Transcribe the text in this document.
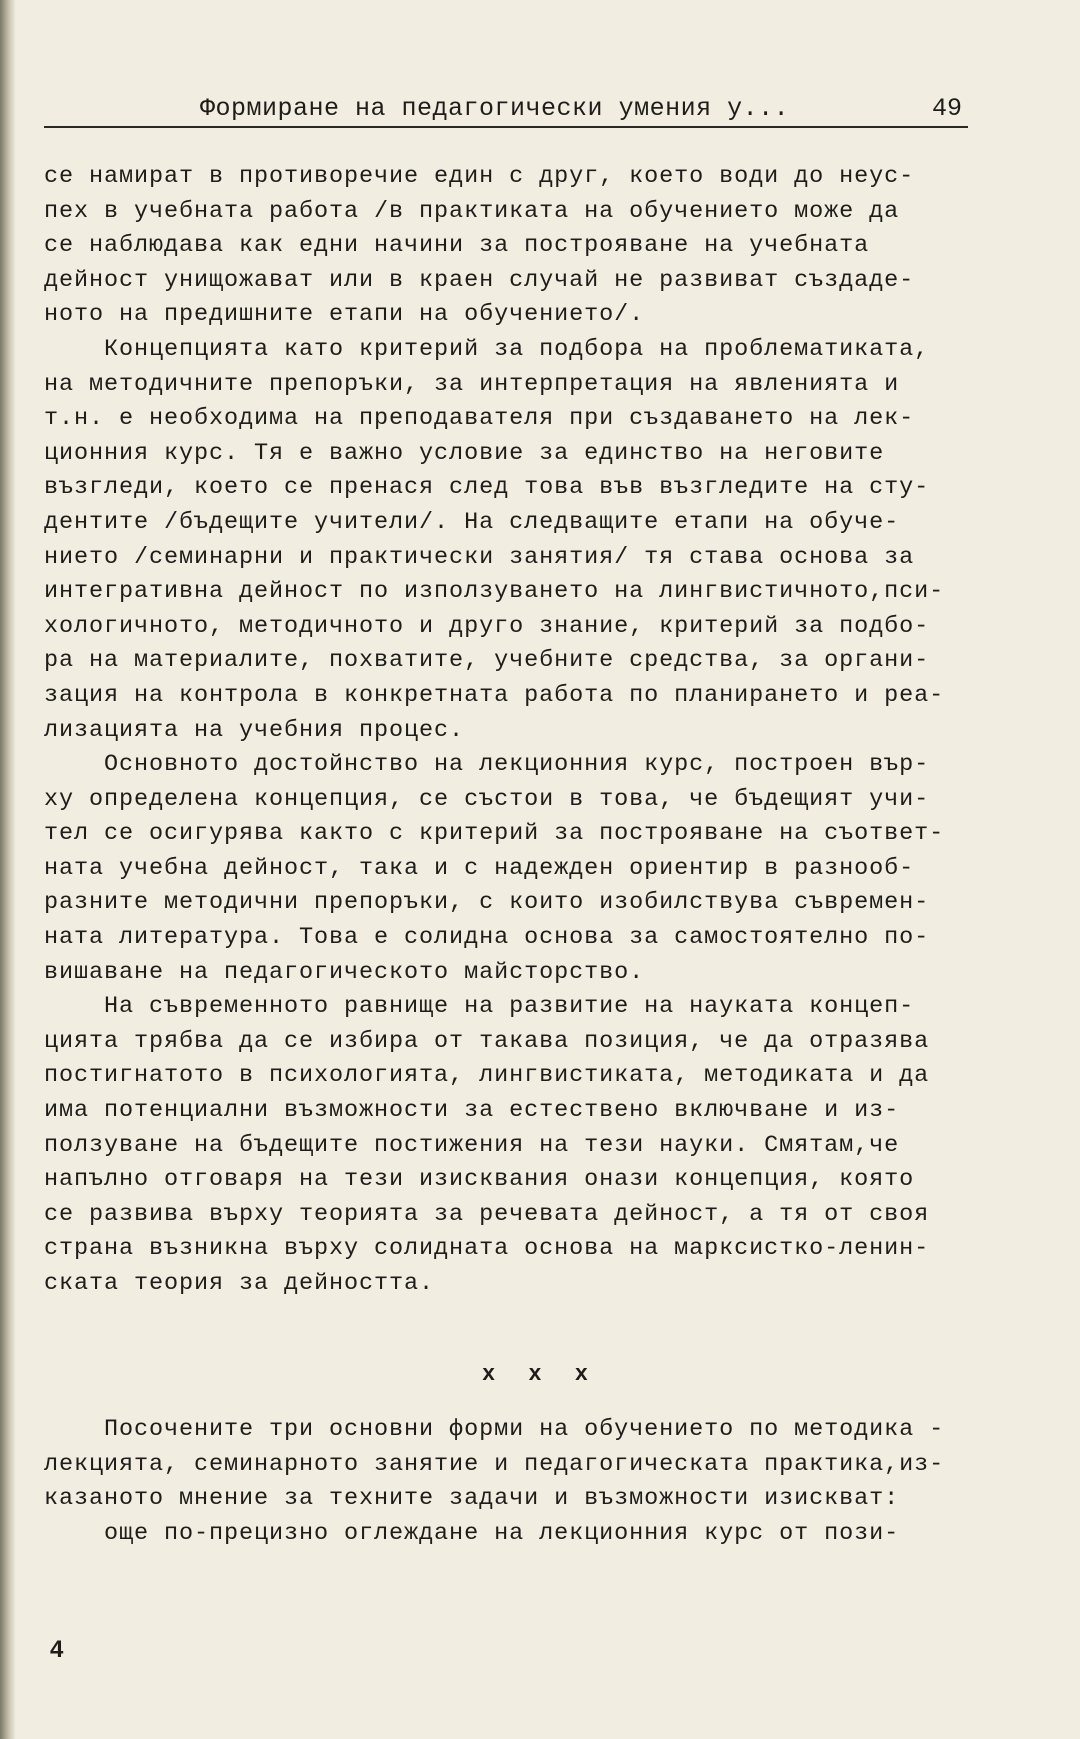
Формиране на педагогически умения у...	49
се намират в противоречие един с друг, което води до неус-
пех в учебната работа /в практиката на обучението може да
се наблюдава как едни начини за построяване на учебната
дейност унищожават или в краен случай не развиват създаде-
ното на предишните етапи на обучението/.
Концепцията като критерий за подбора на проблематиката,
на методичните препоръки, за интерпретация на явленията и
т.н. е необходима на преподавателя при създаването на лек-
ционния курс. Тя е важно условие за единство на неговите
възгледи, което се пренася след това във възгледите на сту-
дентите /бъдещите учители/. На следващите етапи на обуче-
нието /семинарни и практически занятия/ тя става основа за
интегративна дейност по използуването на лингвистичното,пси-
хологичното, методичното и друго знание, критерий за подбо-
ра на материалите, похватите, учебните средства, за органи-
зация на контрола в конкретната работа по планирането и реа-
лизацията на учебния процес.
Основното достойнство на лекционния курс, построен вър-
ху определена концепция, се състои в това, че бъдещият учи-
тел се осигурява както с критерий за построяване на съответ-
ната учебна дейност, така и с надежден ориентир в разнооб-
разните методични препоръки, с които изобилствува съвремен-
ната литература. Това е солидна основа за самостоятелно по-
вишаване на педагогическото майсторство.
На съвременното равнище на развитие на науката концеп-
цията трябва да се избира от такава позиция, че да отразява
постигнатото в психологията, лингвистиката, методиката и да
има потенциални възможности за естествено включване и из-
ползуване на бъдещите постижения на тези науки. Смятам,че
напълно отговаря на тези изисквания онази концепция, която
се развива върху теорията за речевата дейност, а тя от своя
страна възникна върху солидната основа на марксистко-ленин-
ската теория за дейността.
x x x
Посочените три основни форми на обучението по методика -
лекцията, семинарното занятие и педагогическата практика,из-
казаното мнение за техните задачи и възможности изискват:
още по-прецизно оглеждане на лекционния курс от пози-
4
